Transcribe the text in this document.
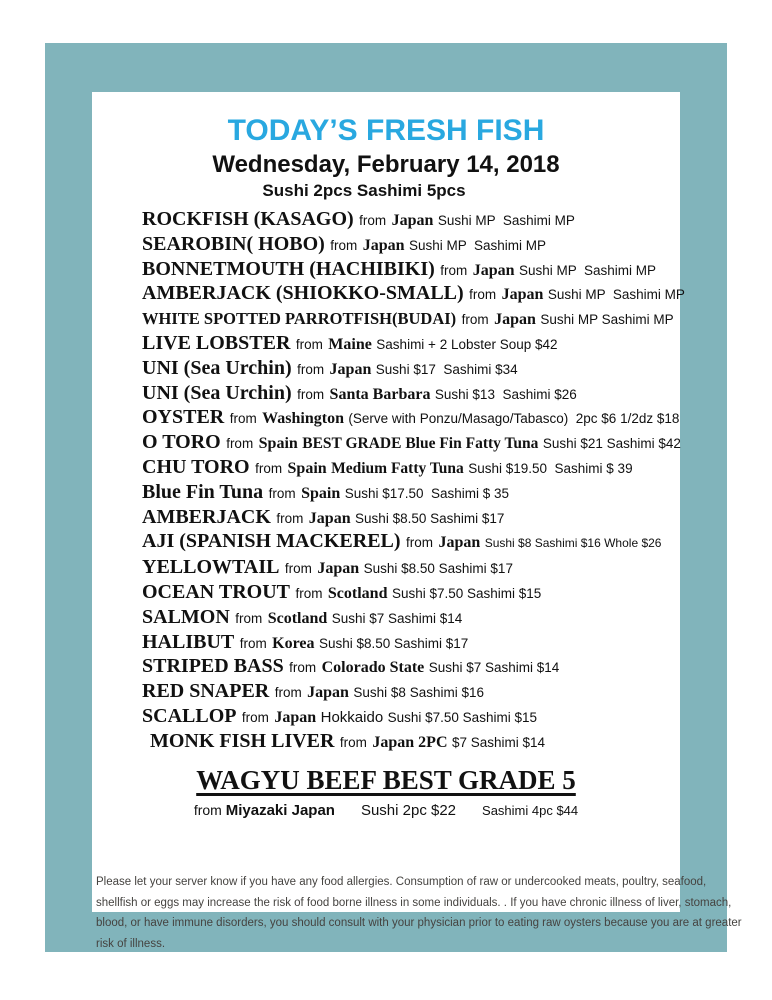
TODAY’S FRESH FISH
Wednesday, February 14, 2018
Sushi 2pcs Sashimi 5pcs
ROCKFISH (KASAGO) from Japan Sushi MP  Sashimi MP
SEAROBIN( HOBO) from Japan Sushi MP  Sashimi MP
BONNETMOUTH (HACHIBIKI) from Japan Sushi MP  Sashimi MP
AMBERJACK (SHIOKKO-SMALL) from Japan Sushi MP  Sashimi MP
WHITE SPOTTED PARROTFISH(BUDAI) from Japan Sushi MP Sashimi MP
LIVE LOBSTER from Maine Sashimi + 2 Lobster Soup $42
UNI (Sea Urchin) from Japan Sushi $17  Sashimi $34
UNI (Sea Urchin) from Santa Barbara Sushi $13  Sashimi $26
OYSTER from Washington (Serve with Ponzu/Masago/Tabasco)  2pc $6 1/2dz $18
O TORO from Spain BEST GRADE Blue Fin Fatty Tuna Sushi $21 Sashimi $42
CHU TORO from Spain Medium Fatty Tuna Sushi $19.50  Sashimi $ 39
Blue Fin Tuna from Spain Sushi $17.50  Sashimi $ 35
AMBERJACK from Japan Sushi $8.50 Sashimi $17
AJI (SPANISH MACKEREL) from Japan Sushi $8 Sashimi $16 Whole $26
YELLOWTAIL from Japan Sushi $8.50 Sashimi $17
OCEAN TROUT from Scotland Sushi $7.50 Sashimi $15
SALMON from Scotland Sushi $7 Sashimi $14
HALIBUT from Korea Sushi $8.50 Sashimi $17
STRIPED BASS from Colorado State Sushi $7 Sashimi $14
RED SNAPER from Japan Sushi $8 Sashimi $16
SCALLOP from Japan Hokkaido Sushi $7.50 Sashimi $15
MONK FISH LIVER from Japan 2PC $7 Sashimi $14
WAGYU BEEF BEST GRADE 5
from Miyazaki Japan Sushi 2pc $22 Sashimi 4pc $44
Please let your server know if you have any food allergies. Consumption of raw or undercooked meats, poultry, seafood, shellfish or eggs may increase the risk of food borne illness in some individuals. . If you have chronic illness of liver, stomach, blood, or have immune disorders, you should consult with your physician prior to eating raw oysters because you are at greater risk of illness.
